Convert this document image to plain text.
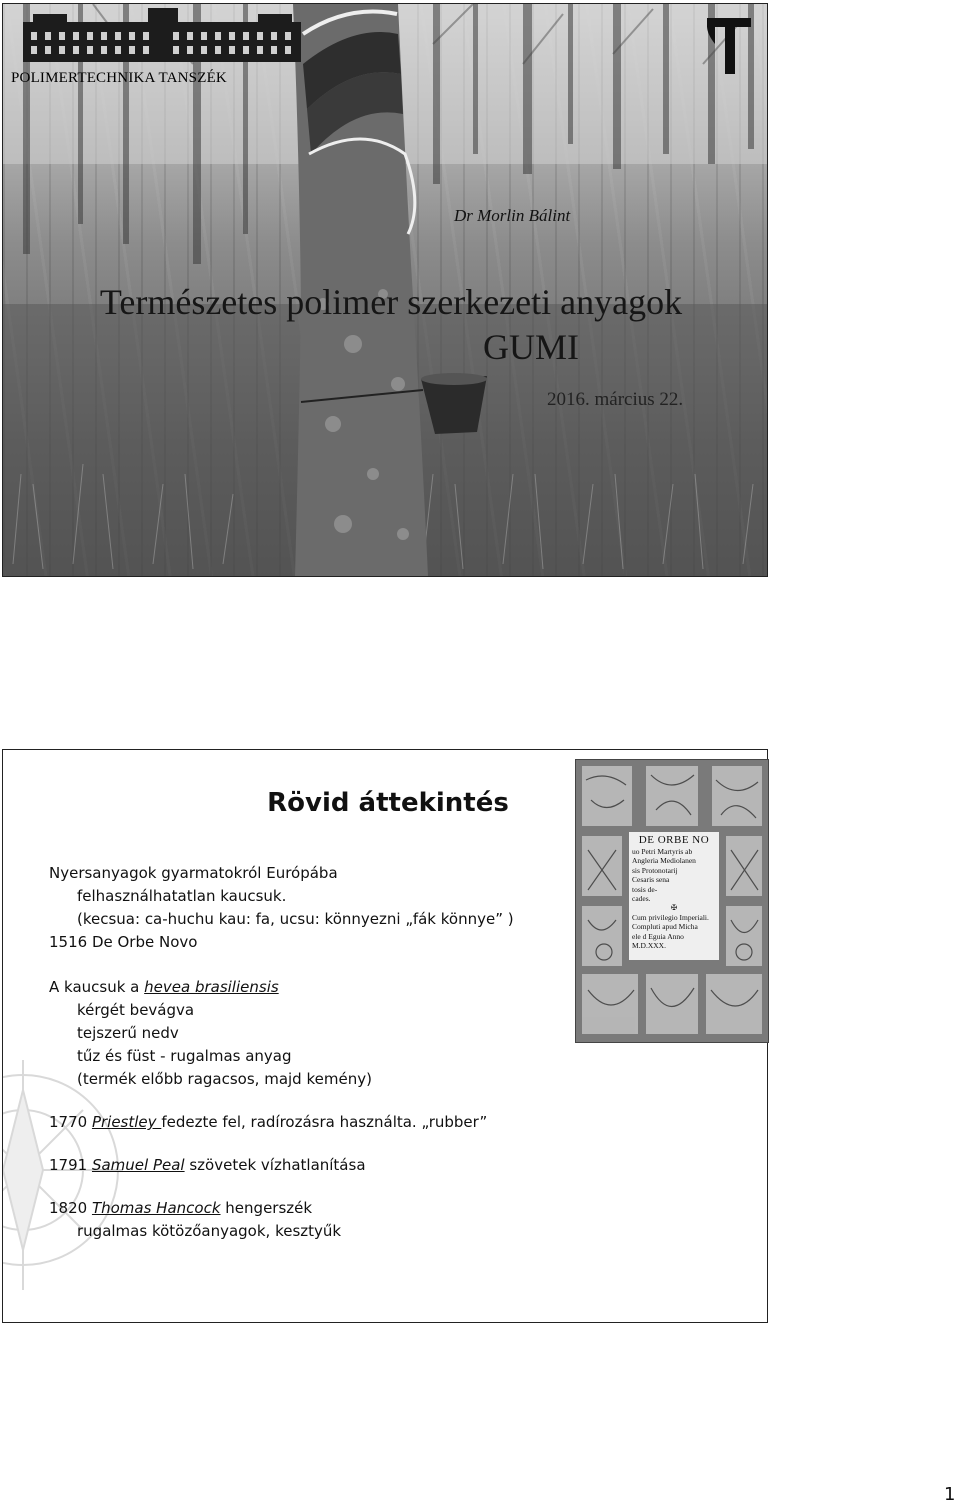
POLIMERTECHNIKA TANSZÉK
Dr Morlin Bálint
Természetes polimer szerkezeti anyagok
GUMI
2016. március 22.
Rövid áttekintés
Nyersanyagok gyarmatokról Európába
felhasználhatatlan kaucsuk.
(kecsua: ca-huchu kau: fa, ucsu: könnyezni „fák könnye” )
1516 De Orbe Novo
A kaucsuk a hevea brasiliensis
kérgét bevágva
tejszerű nedv
tűz és füst - rugalmas anyag
(termék előbb ragacsos, majd kemény)
1770 Priestley fedezte fel, radírozásra használta. „rubber”
1791 Samuel Peal szövetek vízhatlanítása
1820 Thomas Hancock hengerszék
rugalmas kötözőanyagok, kesztyűk
DE ORBE NO
uo Petri Martyris ab
Angleria Mediolanen
sis Protonotarij
Cesaris sena
tosis de-
cades.
✠
Cum privilegio Imperiali.
Compluti apud Micha
ele d Eguia Anno
M.D.XXX.
1
